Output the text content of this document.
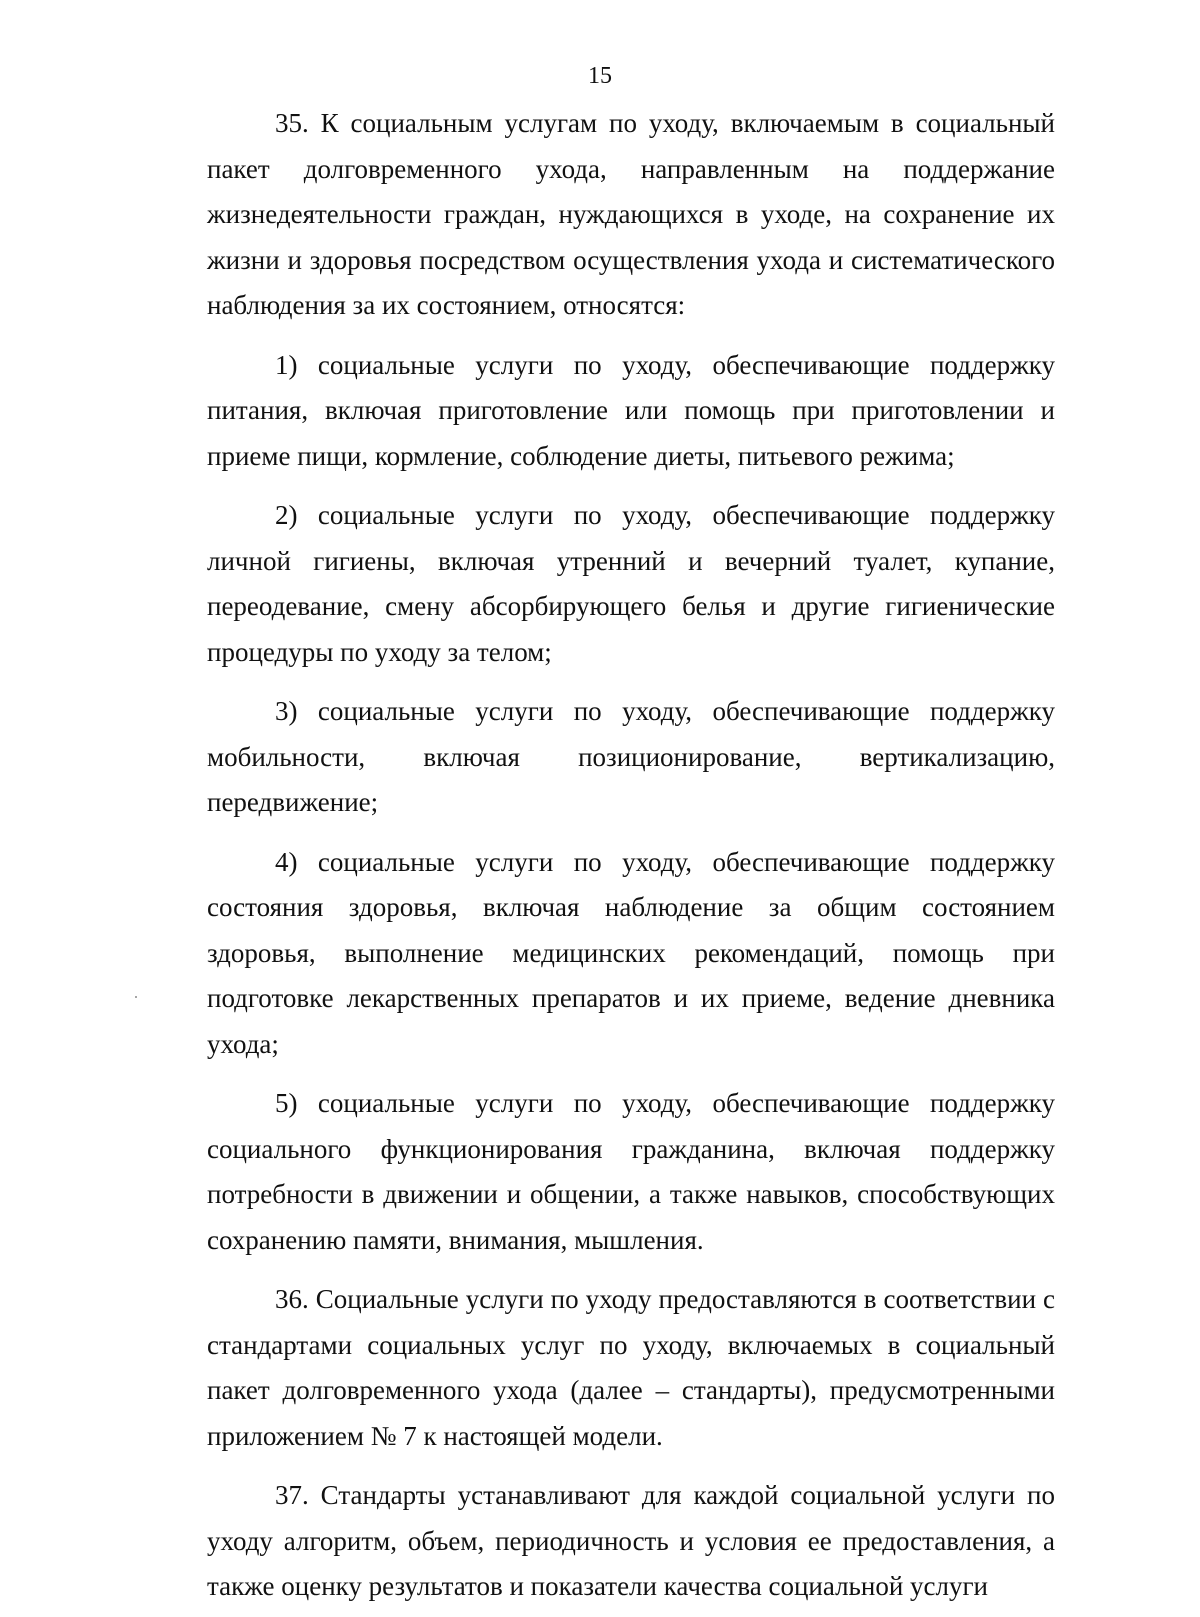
15

35. К социальным услугам по уходу, включаемым в социальный пакет долговременного ухода, направленным на поддержание жизнедеятельности граждан, нуждающихся в уходе, на сохранение их жизни и здоровья посредством осуществления ухода и систематического наблюдения за их состоянием, относятся:

1) социальные услуги по уходу, обеспечивающие поддержку питания, включая приготовление или помощь при приготовлении и приеме пищи, кормление, соблюдение диеты, питьевого режима;

2) социальные услуги по уходу, обеспечивающие поддержку личной гигиены, включая утренний и вечерний туалет, купание, переодевание, смену абсорбирующего белья и другие гигиенические процедуры по уходу за телом;

3) социальные услуги по уходу, обеспечивающие поддержку мобильности, включая позиционирование, вертикализацию, передвижение;

4) социальные услуги по уходу, обеспечивающие поддержку состояния здоровья, включая наблюдение за общим состоянием здоровья, выполнение медицинских рекомендаций, помощь при подготовке лекарственных препаратов и их приеме, ведение дневника ухода;

5) социальные услуги по уходу, обеспечивающие поддержку социального функционирования гражданина, включая поддержку потребности в движении и общении, а также навыков, способствующих сохранению памяти, внимания, мышления.

36. Социальные услуги по уходу предоставляются в соответствии с стандартами социальных услуг по уходу, включаемых в социальный пакет долговременного ухода (далее – стандарты), предусмотренными приложением № 7 к настоящей модели.

37. Стандарты устанавливают для каждой социальной услуги по уходу алгоритм, объем, периодичность и условия ее предоставления, а также оценку результатов и показатели качества социальной услуги
